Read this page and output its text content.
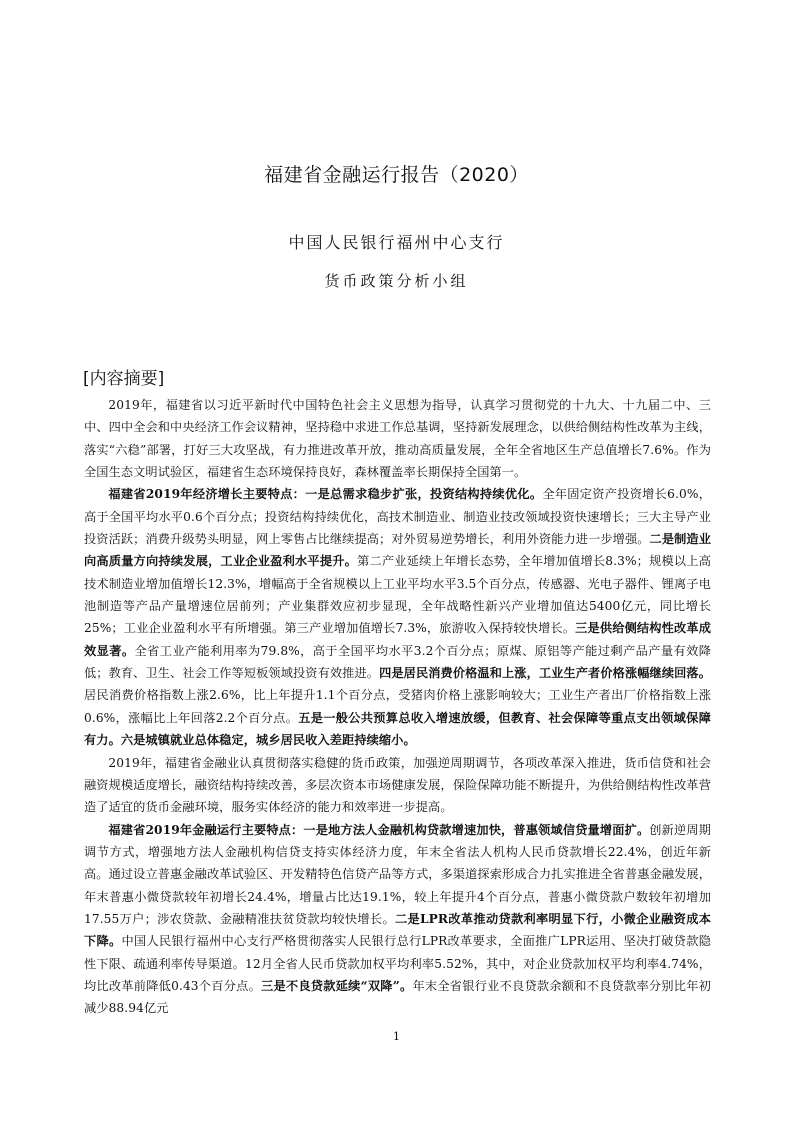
福建省金融运行报告（2020）
中国人民银行福州中心支行
货币政策分析小组
[内容摘要]

2019年，福建省以习近平新时代中国特色社会主义思想为指导，认真学习贯彻党的十九大、十九届二中、三中、四中全会和中央经济工作会议精神，坚持稳中求进工作总基调，坚持新发展理念，以供给侧结构性改革为主线，落实“六稳”部署，打好三大攻坚战，有力推进改革开放，推动高质量发展，全年全省地区生产总值增长7.6%。作为全国生态文明试验区，福建省生态环境保持良好，森林覆盖率长期保持全国第一。

福建省2019年经济增长主要特点：一是总需求稳步扩张，投资结构持续优化。全年固定资产投资增长6.0%，高于全国平均水平0.6个百分点；投资结构持续优化，高技术制造业、制造业技改领域投资快速增长；三大主导产业投资活跃；消费升级势头明显，网上零售占比继续提高；对外贸易逆势增长，利用外资能力进一步增强。二是制造业向高质量方向持续发展，工业企业盈利水平提升。第二产业延续上年增长态势，全年增加值增长8.3%；规模以上高技术制造业增加值增长12.3%，增幅高于全省规模以上工业平均水平3.5个百分点，传感器、光电子器件、锂离子电池制造等产品产量增速位居前列；产业集群效应初步显现，全年战略性新兴产业增加值达5400亿元，同比增长25%；工业企业盈利水平有所增强。第三产业增加值增长7.3%，旅游收入保持较快增长。三是供给侧结构性改革成效显著。全省工业产能利用率为79.8%，高于全国平均水平3.2个百分点；原煤、原铝等产能过剩产品产量有效降低；教育、卫生、社会工作等短板领域投资有效推进。四是居民消费价格温和上涨，工业生产者价格涨幅继续回落。居民消费价格指数上涨2.6%，比上年提升1.1个百分点，受猪肉价格上涨影响较大；工业生产者出厂价格指数上涨0.6%，涨幅比上年回落2.2个百分点。五是一般公共预算总收入增速放缓，但教育、社会保障等重点支出领域保障有力。六是城镇就业总体稳定，城乡居民收入差距持续缩小。

2019年，福建省金融业认真贯彻落实稳健的货币政策，加强逆周期调节，各项改革深入推进，货币信贷和社会融资规模适度增长，融资结构持续改善，多层次资本市场健康发展，保险保障功能不断提升，为供给侧结构性改革营造了适宜的货币金融环境，服务实体经济的能力和效率进一步提高。

福建省2019年金融运行主要特点：一是地方法人金融机构贷款增速加快，普惠领域信贷量增面扩。创新逆周期调节方式，增强地方法人金融机构信贷支持实体经济力度，年末全省法人机构人民币贷款增长22.4%，创近年新高。通过设立普惠金融改革试验区、开发精特色信贷产品等方式，多渠道探索形成合力扎实推进全省普惠金融发展，年末普惠小微贷款较年初增长24.4%，增量占比达19.1%，较上年提升4个百分点，普惠小微贷款户数较年初增加17.55万户；涉农贷款、金融精准扶贫贷款均较快增长。二是LPR改革推动贷款利率明显下行，小微企业融资成本下降。中国人民银行福州中心支行严格贯彻落实人民银行总行LPR改革要求，全面推广LPR运用、坚决打破贷款隐性下限、疏通利率传导渠道。12月全省人民币贷款加权平均利率5.52%，其中，对企业贷款加权平均利率4.74%，均比改革前降低0.43个百分点。三是不良贷款延续“双降”。年末全省银行业不良贷款余额和不良贷款率分别比年初减少88.94亿元

1
